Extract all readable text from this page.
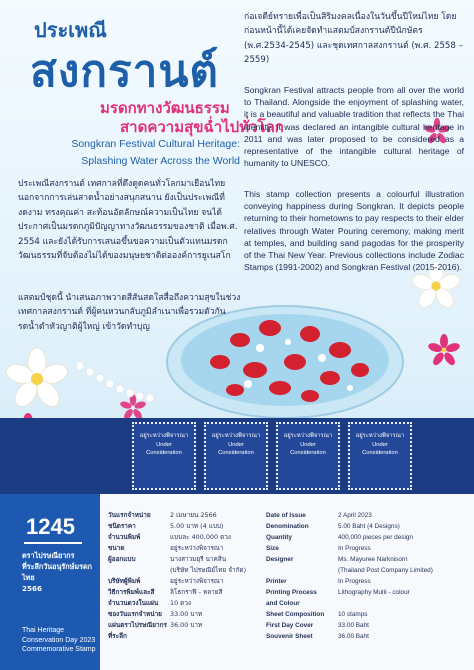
ประเพณี
สงกรานต์
มรดกทางวัฒนธรรม
สาดความสุขฉ่ำไปทั่วโลก
Songkran Festival Cultural Heritage:
Splashing Water Across the World

ประเพณีสงกรานต์ เทศกาลที่ดึงดูดคนทั่วโลกมาเยือนไทย นอกจากการเล่นสาดน้ำอย่างสนุกสนาน ยังเป็นประเพณีที่งดงาม ทรงคุณค่า สะท้อนอัตลักษณ์ความเป็นไทย จนได้ประกาศเป็นมรดกภูมิปัญญาทางวัฒนธรรมของชาติ เมื่อพ.ศ. 2554 และยังได้รับการเสนอขึ้นขอความเป็นตัวแทนมรดกวัฒนธรรมที่จับต้องไม่ได้ของมนุษยชาติต่อองค์การยูเนสโก

แสตมป์ชุดนี้ นำเสนอภาพวาดสีสันสดใสสื่อถึงความสุขในช่วงเทศกาลสงกรานต์ ที่ผู้คนหวนกลับภูมิลำเนาเพื่อรวมตัวกันรดน้ำดำหัวญาติผู้ใหญ่ เข้าวัดทำบุญ

ก่อเจดีย์ทรายเพื่อเป็นสิริมงคลเนื่องในวันขึ้นปีใหม่ไทย โดยก่อนหน้านี้ได้เคยจัดทำแสตมป์สงกรานต์ปีนักษัตร (พ.ศ.2534-2545) และชุดเทศกาลสงกรานต์ (พ.ศ. 2558 – 2559)

Songkran Festival attracts people from all over the world to Thailand. Alongside the enjoyment of splashing water, it is a beautiful and valuable tradition that reflects the Thai identity. It was declared an intangible cultural heritage in 2011 and was later proposed to be considered as a representative of the intangible cultural heritage of humanity to UNESCO.

This stamp collection presents a colourful illustration conveying happiness during Songkran. It depicts people returning to their hometowns to pay respects to their elder relatives through Water Pouring ceremony, making merit at temples, and building sand pagodas for the prosperity of the Thai New Year. Previous collections include Zodiac Stamps (1991-2002) and Songkran Festival (2015-2016).

อยู่ระหว่างพิจารณา
Under
Consideration
อยู่ระหว่างพิจารณา
Under
Consideration
อยู่ระหว่างพิจารณา
Under
Consideration
อยู่ระหว่างพิจารณา
Under
Consideration
1245
ตราไปรษณียากร
ที่ระลึกวันอนุรักษ์มรดกไทย
2566
Thai Heritage
Conservation Day 2023
Commemorative Stamp
วันแรกจำหน่าย	2 เมษายน 2566
ชนิดราคา	5.00 บาท (4 แบบ)
จำนวนพิมพ์	แบบละ 400,000 ดวง
ขนาด	อยู่ระหว่างพิจารณา
ผู้ออกแบบ	นางสาวมยุรี นาคสิน
(บริษัท ไปรษณีย์ไทย จำกัด)
บริษัทผู้พิมพ์	อยู่ระหว่างพิจารณา
วิธีการพิมพ์และสี	ลิโธกราฟี - หลายสี
จำนวนดวงในแผ่น	10 ดวง
ซองวันแรกจำหน่าย	33.00 บาท
แผ่นตราไปรษณียากร 36.00 บาท
ที่ระลึก
Date of Issue	2 April 2023
Denomination	5.00 Baht (4 Designs)
Quantity	400,000 pieces per design
Size	In Progress
Designer	Ms. Mayuree Narknisorn
(Thailand Post Company Limited)
Printer	In Progress
Printing Process	Lithography Multi - colour
and Colour
Sheet Composition	10 stamps
First Day Cover	33.00 Baht
Souvenir Sheet	36.00 Baht
